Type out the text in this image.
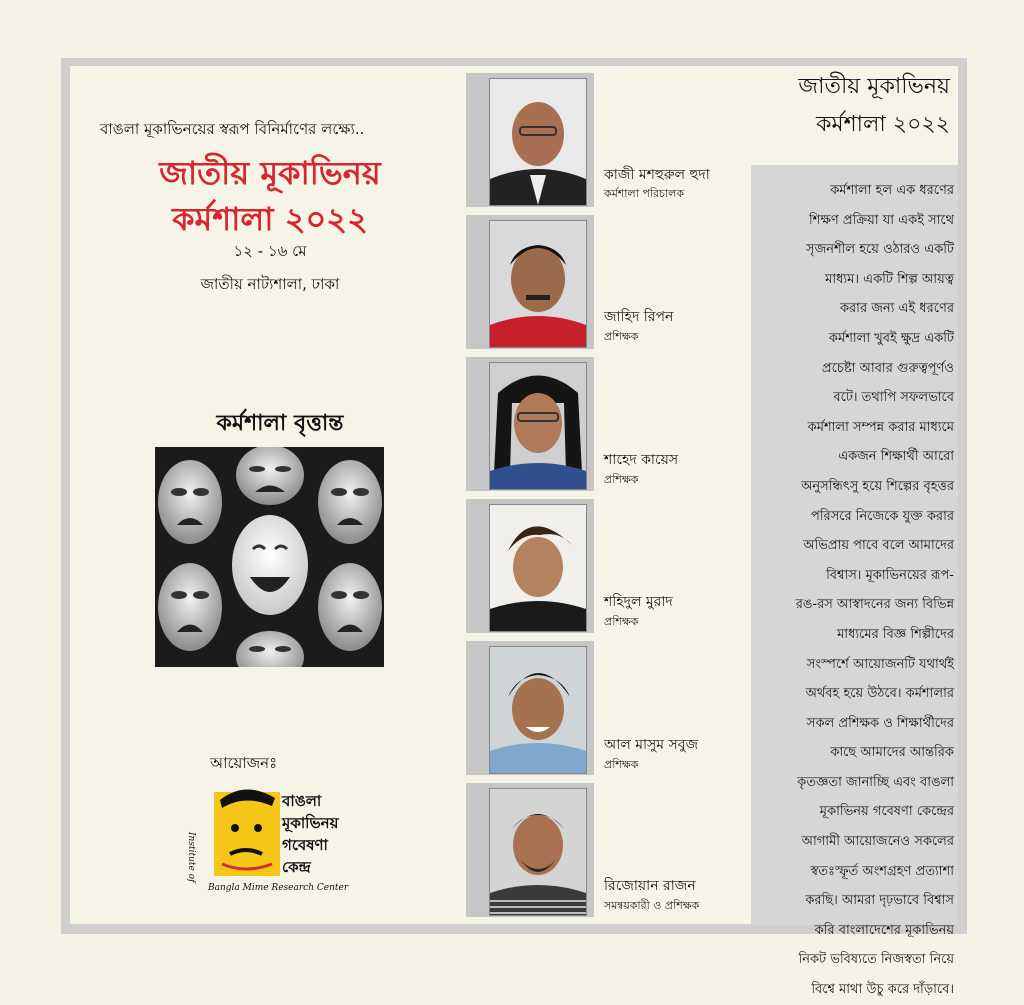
বাঙলা মূকাভিনয়ের স্বরূপ বিনির্মাণের লক্ষ্যে..
জাতীয় মূকাভিনয়
কর্মশালা ২০২২
১২ - ১৬ মে
জাতীয় নাট্যশালা, ঢাকা
কর্মশালা বৃত্তান্ত
আয়োজনঃ
বাঙলা
মূকাভিনয়
গবেষণা
কেন্দ্র
Institute of
Bangla Mime Research Center
কাজী মশহুরুল হুদা
কর্মশালা পরিচালক
জাহিদ রিপন
প্রশিক্ষক
শাহেদ কায়েস
প্রশিক্ষক
শহিদুল মুরাদ
প্রশিক্ষক
আল মাসুম সবুজ
প্রশিক্ষক
রিজোয়ান রাজন
সমন্বয়কারী ও প্রশিক্ষক
জাতীয় মূকাভিনয়
কর্মশালা ২০২২
কর্মশালা হল এক ধরণের
শিক্ষণ প্রক্রিয়া যা একই সাথে
সৃজনশীল হয়ে ওঠারও একটি
মাধ্যম। একটি শিল্প আয়ত্ব
করার জন্য এই ধরণের
কর্মশালা খুবই ক্ষুদ্র একটি
প্রচেষ্টা আবার গুরুত্বপূর্ণও
বটে। তথাপি সফলভাবে
কর্মশালা সম্পন্ন করার মাধ্যমে
একজন শিক্ষার্থী আরো
অনুসন্ধিৎসু হয়ে শিল্পের বৃহত্তর
পরিসরে নিজেকে যুক্ত করার
অভিপ্রায় পাবে বলে আমাদের
বিশ্বাস। মূকাভিনয়ের রূপ-
রঙ-রস আস্বাদনের জন্য বিভিন্ন
মাধ্যমের বিজ্ঞ শিল্পীদের
সংস্পর্শে আয়োজনটি যথার্থই
অর্থবহ হয়ে উঠবে। কর্মশালার
সকল প্রশিক্ষক ও শিক্ষার্থীদের
কাছে আমাদের আন্তরিক
কৃতজ্ঞতা জানাচ্ছি এবং বাঙলা
মূকাভিনয় গবেষণা কেন্দ্রের
আগামী আয়োজনেও সকলের
স্বতঃস্ফূর্ত অংশগ্রহণ প্রত্যাশা
করছি। আমরা দৃঢ়ভাবে বিশ্বাস
করি বাংলাদেশের মূকাভিনয়
নিকট ভবিষ্যতে নিজস্বতা নিয়ে
বিশ্বে মাথা উচু করে দাঁড়াবে।
